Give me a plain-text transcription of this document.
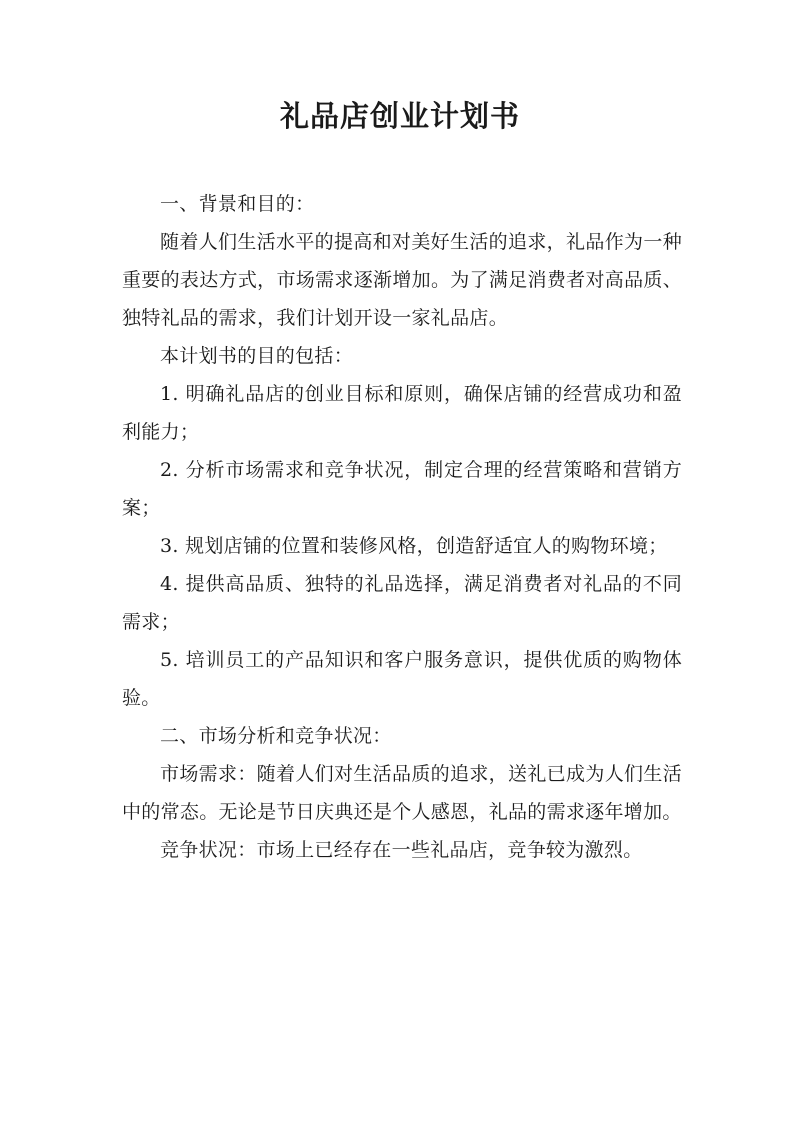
礼品店创业计划书

一、背景和目的：

随着人们生活水平的提高和对美好生活的追求，礼品作为一种重要的表达方式，市场需求逐渐增加。为了满足消费者对高品质、独特礼品的需求，我们计划开设一家礼品店。

本计划书的目的包括：

1. 明确礼品店的创业目标和原则，确保店铺的经营成功和盈利能力；

2. 分析市场需求和竞争状况，制定合理的经营策略和营销方案；

3. 规划店铺的位置和装修风格，创造舒适宜人的购物环境；

4. 提供高品质、独特的礼品选择，满足消费者对礼品的不同需求；

5. 培训员工的产品知识和客户服务意识，提供优质的购物体验。

二、市场分析和竞争状况：

市场需求：随着人们对生活品质的追求，送礼已成为人们生活中的常态。无论是节日庆典还是个人感恩，礼品的需求逐年增加。

竞争状况：市场上已经存在一些礼品店，竞争较为激烈。
